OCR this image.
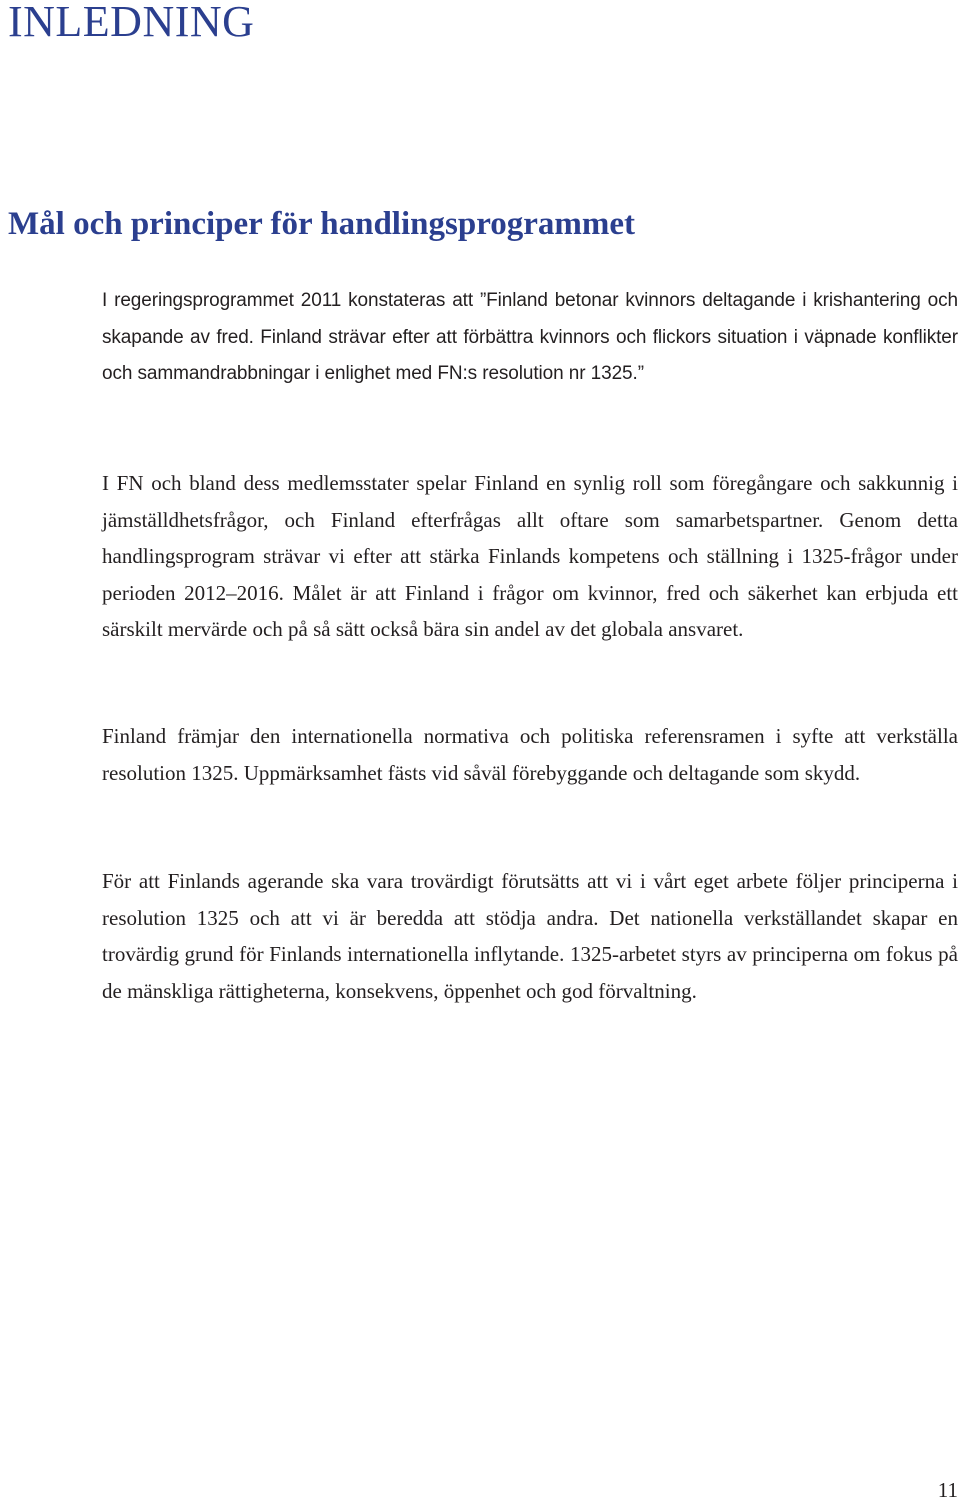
INLEDNING
Mål och principer för handlingsprogrammet

I regeringsprogrammet 2011 konstateras att ”Finland betonar kvinnors deltagande i krishantering och skapande av fred. Finland strävar efter att förbättra kvinnors och flickors situation i väpnade konflikter och sammandrabbningar i enlighet med FN:s resolution nr 1325.”

I FN och bland dess medlemsstater spelar Finland en synlig roll som föregångare och sakkunnig i jämställdhetsfrågor, och Finland efterfrågas allt oftare som samarbetspartner. Genom detta handlingsprogram strävar vi efter att stärka Finlands kompetens och ställning i 1325-frågor under perioden 2012–2016. Målet är att Finland i frågor om kvinnor, fred och säkerhet kan erbjuda ett särskilt mervärde och på så sätt också bära sin andel av det globala ansvaret.

Finland främjar den internationella normativa och politiska referensramen i syfte att verkställa resolution 1325. Uppmärksamhet fästs vid såväl förebyggande och deltagande som skydd.

För att Finlands agerande ska vara trovärdigt förutsätts att vi i vårt eget arbete följer principerna i resolution 1325 och att vi är beredda att stödja andra. Det nationella verkställandet skapar en trovärdig grund för Finlands internationella inflytande. 1325-arbetet styrs av principerna om fokus på de mänskliga rättigheterna, konsekvens, öppenhet och god förvaltning.

11
